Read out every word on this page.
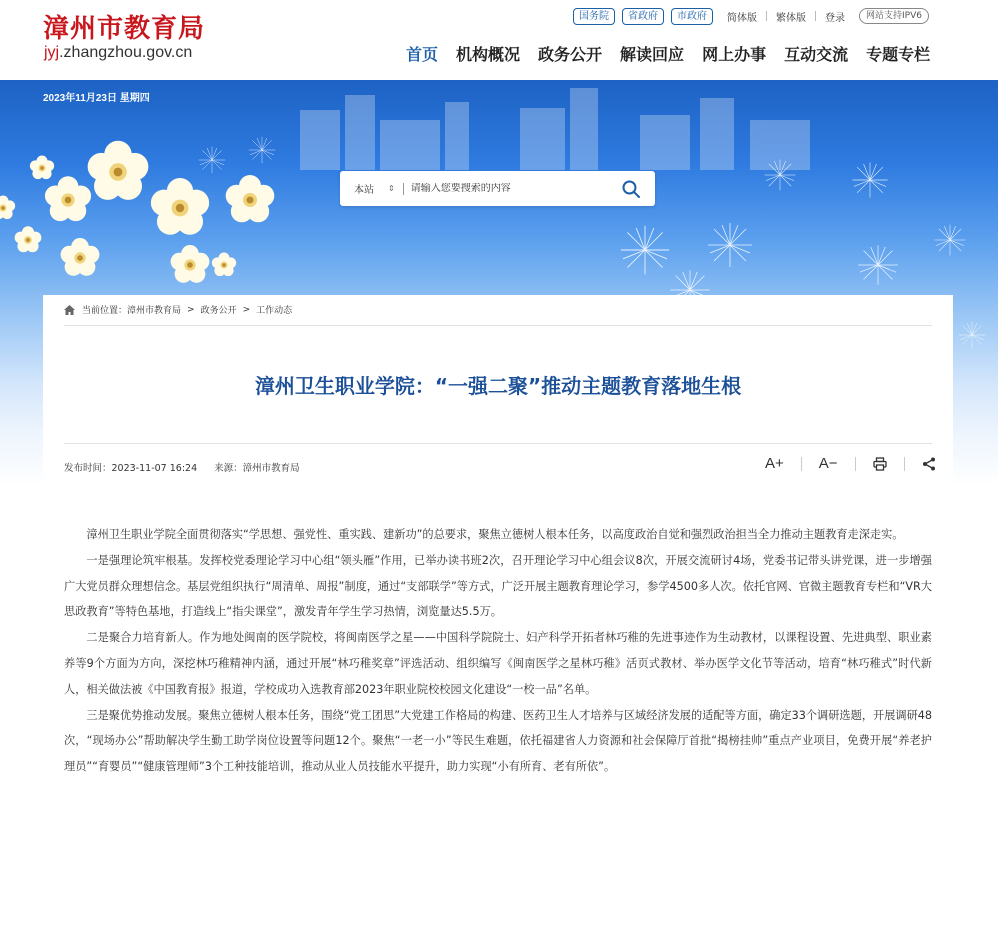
漳州市教育局
jyj.zhangzhou.gov.cn
国务院	省政府	市政府	简体版 繁体版 登录	网站支持IPV6
首页 机构概况 政务公开 解读回应 网上办事 互动交流 专题专栏
2023年11月23日 星期四
本站	⇕
请输入您要搜索的内容
当前位置： 漳州市教育局 > 政务公开 > 工作动态
漳州卫生职业学院：“一强二聚”推动主题教育落地生根
发布时间：2023-11-07 16:24 来源：漳州市教育局	A+ A−

漳州卫生职业学院全面贯彻落实“学思想、强党性、重实践、建新功”的总要求，聚焦立德树人根本任务，以高度政治自觉和强烈政治担当全力推动主题教育走深走实。

一是强理论筑牢根基。发挥校党委理论学习中心组“领头雁”作用，已举办读书班2次，召开理论学习中心组会议8次，开展交流研讨4场，党委书记带头讲党课，进一步增强广大党员群众理想信念。基层党组织执行“周清单、周报”制度，通过“支部联学”等方式，广泛开展主题教育理论学习，参学4500多人次。依托官网、官微主题教育专栏和“VR大思政教育”等特色基地，打造线上“指尖课堂”，激发青年学生学习热情，浏览量达5.5万。

二是聚合力培育新人。作为地处闽南的医学院校，将闽南医学之星——中国科学院院士、妇产科学开拓者林巧稚的先进事迹作为生动教材，以课程设置、先进典型、职业素养等9个方面为方向，深挖林巧稚精神内涵，通过开展“林巧稚奖章”评选活动、组织编写《闽南医学之星林巧稚》活页式教材、举办医学文化节等活动，培育“林巧稚式”时代新人，相关做法被《中国教育报》报道，学校成功入选教育部2023年职业院校校园文化建设“一校一品”名单。

三是聚优势推动发展。聚焦立德树人根本任务，围绕“党工团思”大党建工作格局的构建、医药卫生人才培养与区域经济发展的适配等方面，确定33个调研选题，开展调研48次，“现场办公”帮助解决学生勤工助学岗位设置等问题12个。聚焦“一老一小”等民生难题，依托福建省人力资源和社会保障厅首批“揭榜挂帅”重点产业项目，免费开展“养老护理员”“育婴员”“健康管理师”3个工种技能培训，推动从业人员技能水平提升，助力实现“小有所育、老有所依”。
